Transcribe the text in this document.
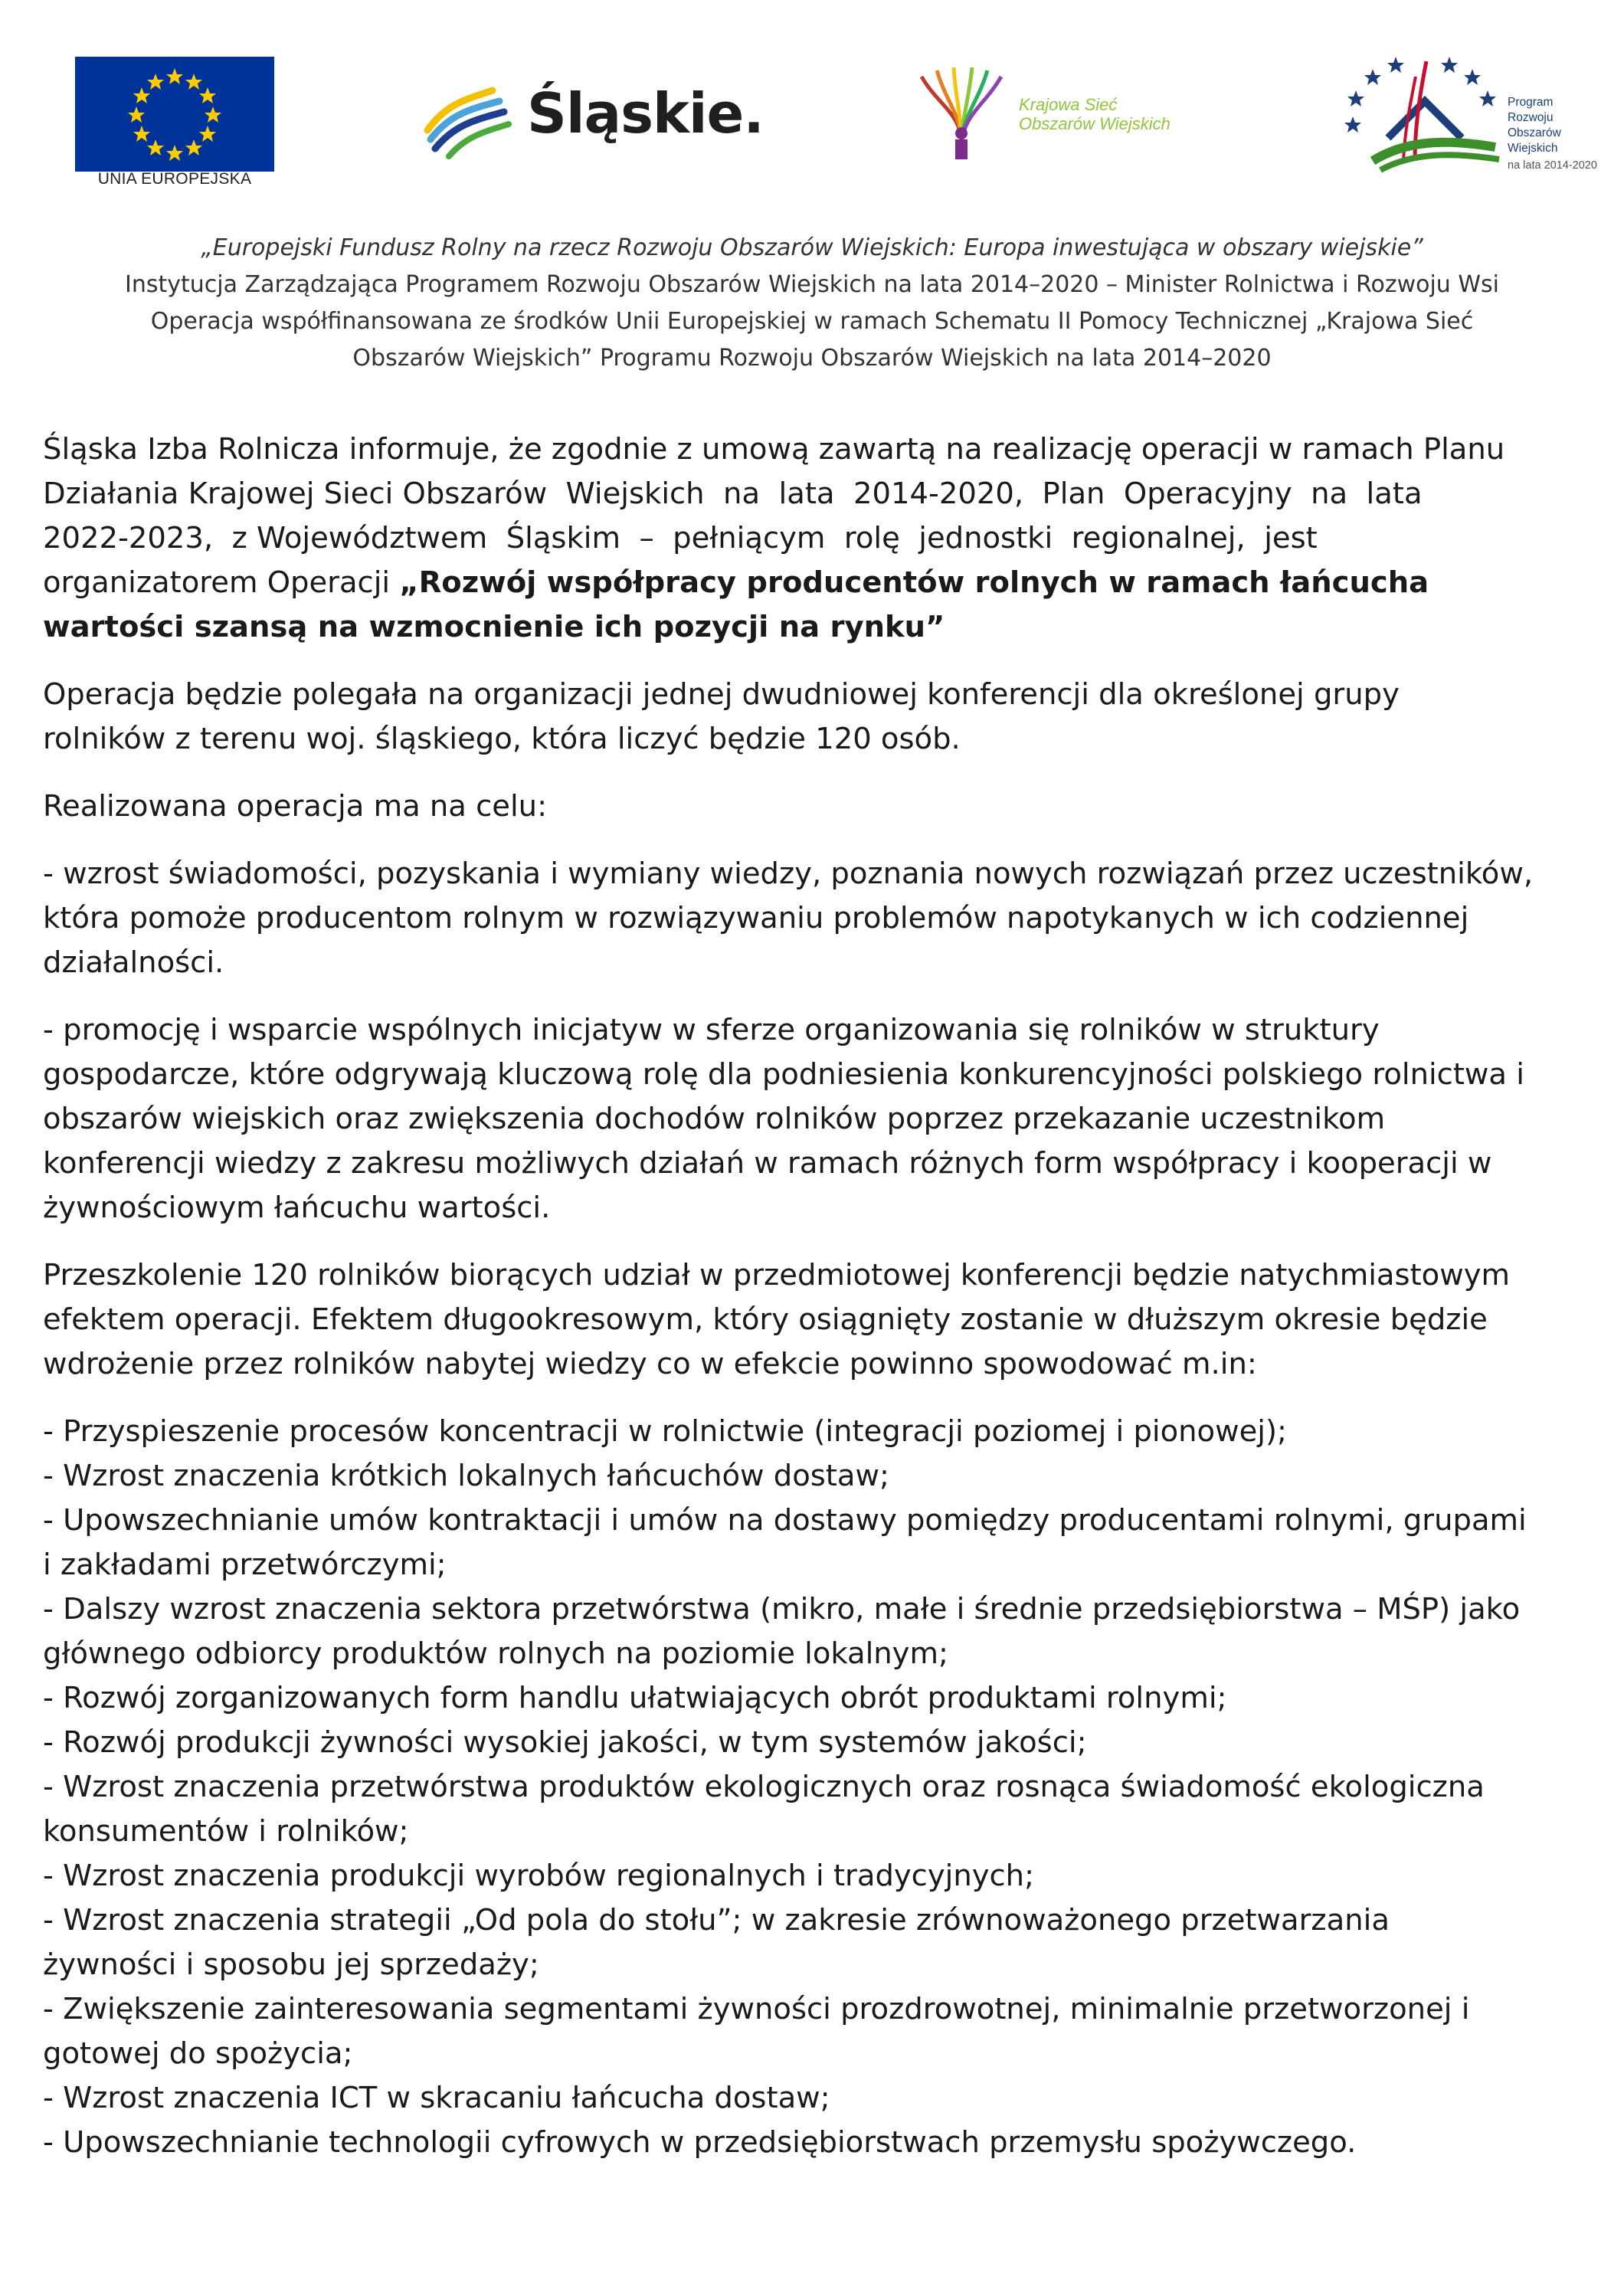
UNIA EUROPEJSKA
Śląskie.	Krajowa Sieć
Obszarów Wiejskich
Program
Rozwoju
Obszarów
Wiejskich
na lata 2014-2020

„Europejski Fundusz Rolny na rzecz Rozwoju Obszarów Wiejskich: Europa inwestująca w obszary wiejskie”

Instytucja Zarządzająca Programem Rozwoju Obszarów Wiejskich na lata 2014–2020 – Minister Rolnictwa i Rozwoju Wsi

Operacja współfinansowana ze środków Unii Europejskiej w ramach Schematu II Pomocy Technicznej „Krajowa Sieć

Obszarów Wiejskich” Programu Rozwoju Obszarów Wiejskich na lata 2014–2020

Śląska Izba Rolnicza informuje, że zgodnie z umową zawartą na realizację operacji w ramach Planu

Działania Krajowej Sieci Obszarów  Wiejskich  na  lata  2014-2020,  Plan  Operacyjny  na  lata

2022-2023,  z Województwem  Śląskim  –  pełniącym  rolę  jednostki  regionalnej,  jest

organizatorem Operacji „Rozwój współpracy producentów rolnych w ramach łańcucha

wartości szansą na wzmocnienie ich pozycji na rynku”

Operacja będzie polegała na organizacji jednej dwudniowej konferencji dla określonej grupy

rolników z terenu woj. śląskiego, która liczyć będzie 120 osób.

Realizowana operacja ma na celu:

- wzrost świadomości, pozyskania i wymiany wiedzy, poznania nowych rozwiązań przez uczestników,

która pomoże producentom rolnym w rozwiązywaniu problemów napotykanych w ich codziennej

działalności.

- promocję i wsparcie wspólnych inicjatyw w sferze organizowania się rolników w struktury

gospodarcze, które odgrywają kluczową rolę dla podniesienia konkurencyjności polskiego rolnictwa i

obszarów wiejskich oraz zwiększenia dochodów rolników poprzez przekazanie uczestnikom

konferencji wiedzy z zakresu możliwych działań w ramach różnych form współpracy i kooperacji w

żywnościowym łańcuchu wartości.

Przeszkolenie 120 rolników biorących udział w przedmiotowej konferencji będzie natychmiastowym

efektem operacji. Efektem długookresowym, który osiągnięty zostanie w dłuższym okresie będzie

wdrożenie przez rolników nabytej wiedzy co w efekcie powinno spowodować m.in:

- Przyspieszenie procesów koncentracji w rolnictwie (integracji poziomej i pionowej);

- Wzrost znaczenia krótkich lokalnych łańcuchów dostaw;

- Upowszechnianie umów kontraktacji i umów na dostawy pomiędzy producentami rolnymi, grupami

i zakładami przetwórczymi;

- Dalszy wzrost znaczenia sektora przetwórstwa (mikro, małe i średnie przedsiębiorstwa – MŚP) jako

głównego odbiorcy produktów rolnych na poziomie lokalnym;

- Rozwój zorganizowanych form handlu ułatwiających obrót produktami rolnymi;

- Rozwój produkcji żywności wysokiej jakości, w tym systemów jakości;

- Wzrost znaczenia przetwórstwa produktów ekologicznych oraz rosnąca świadomość ekologiczna

konsumentów i rolników;

- Wzrost znaczenia produkcji wyrobów regionalnych i tradycyjnych;

- Wzrost znaczenia strategii „Od pola do stołu”; w zakresie zrównoważonego przetwarzania

żywności i sposobu jej sprzedaży;

- Zwiększenie zainteresowania segmentami żywności prozdrowotnej, minimalnie przetworzonej i

gotowej do spożycia;

- Wzrost znaczenia ICT w skracaniu łańcucha dostaw;

- Upowszechnianie technologii cyfrowych w przedsiębiorstwach przemysłu spożywczego.
